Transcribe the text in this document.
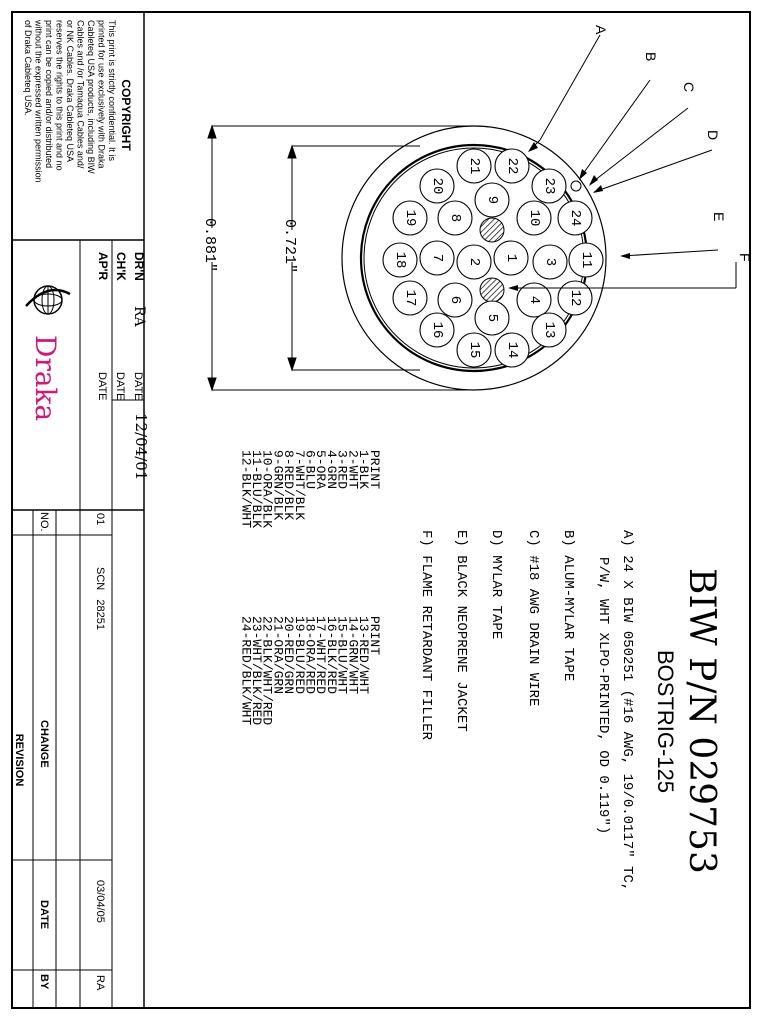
COPYRIGHT
This print is strictly confidential. It is
printed for use exclusively with Draka
Cableteq USA products, including BIW
Cables and /or Tamaqua Cables and/
or NK Cables. Draka Cableteq USA
reserves the rights to this print and no
print can be copied and/or distributed
without the expressed written permission
of Draka Cableteq USA.
DR'N
CH'K
AP'R
RA
DATE
DATE
DATE
12/04/01
Draka
REVISION
NO.
CHANGE
DATE
BY
01
SCN   28251
03/04/05
RA
1
2	3
4
5
6
7
8
9
10
11
12
13
14
15
16
17
18
19
20
21 22
23
24
0.881"	0.721"
A
B
C
D
E
F
BIW P/N 029753
BOSTRIG-125
A) 24 X BIW 050251 (#16 AWG, 19/0.0117" TC,
P/W, WHT XLPO-PRINTED, OD 0.119")
B) ALUM-MYLAR TAPE
C) #18 AWG DRAIN WIRE
D) MYLAR TAPE
E) BLACK NEOPRENE JACKET
F) FLAME RETARDANT FILLER
PRINT
PRINT
1-BLK
2-WHT
3-RED
4-GRN
5-ORA
6-BLU
7-WHT/BLK
8-RED/BLK
9-GRN/BLK
10-ORA/BLK
11-BLU/BLK
12-BLK/WHT
13-RED/WHT
14-GRN/WHT
15-BLU/WHT
16-BLK/RED
17-WHT/RED
18-ORA/RED
19-BLU/RED
20-RED/GRN
21-ORA/GRN
22-BLK/WHT/RED
23-WHT/BLK/RED
24-RED/BLK/WHT
